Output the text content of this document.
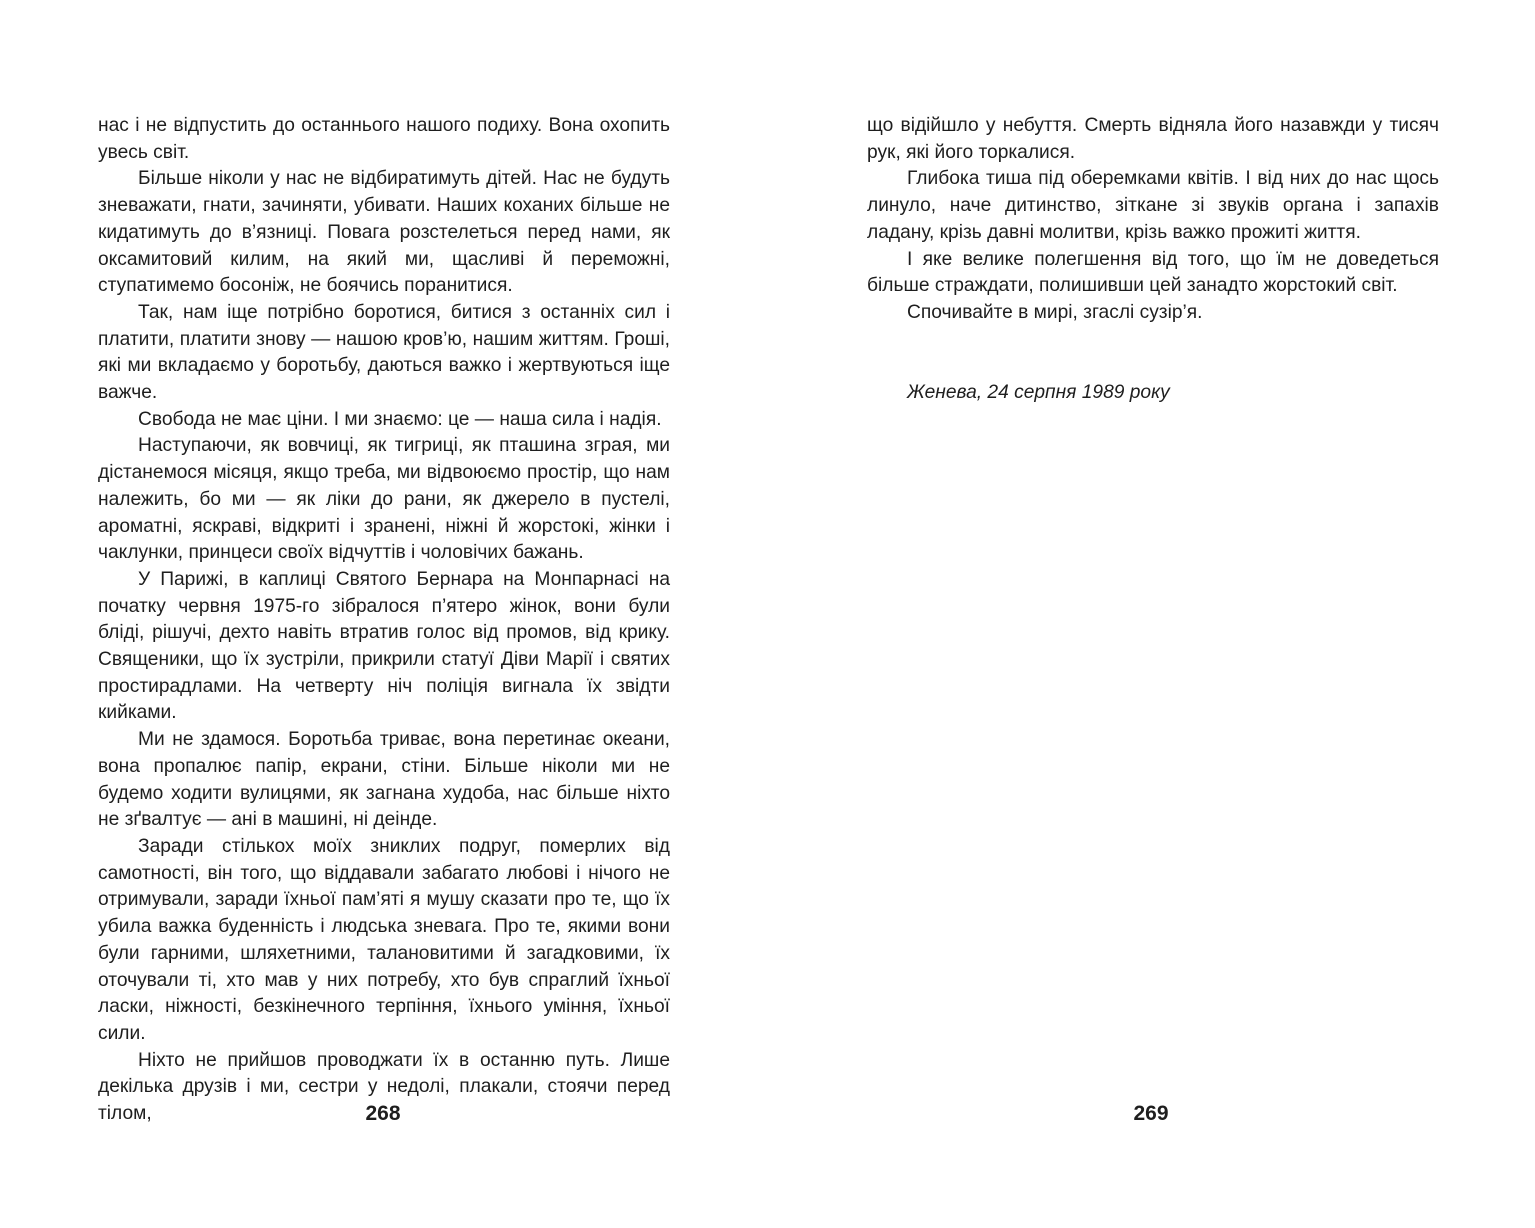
нас і не відпустить до останнього нашого подиху. Вона охопить увесь світ.

Більше ніколи у нас не відбиратимуть дітей. Нас не будуть зневажати, гнати, зачиняти, убивати. Наших коханих більше не кидатимуть до в’язниці. Повага розстелеться перед нами, як оксамитовий килим, на який ми, щасливі й переможні, ступатимемо босоніж, не боячись поранитися.

Так, нам іще потрібно боротися, битися з останніх сил і платити, платити знову — нашою кров’ю, нашим життям. Гроші, які ми вкладаємо у боротьбу, даються важко і жертвуються іще важче.

Свобода не має ціни. І ми знаємо: це — наша сила і надія.

Наступаючи, як вовчиці, як тигриці, як пташина зграя, ми дістанемося місяця, якщо треба, ми відвоюємо простір, що нам належить, бо ми — як ліки до рани, як джерело в пустелі, ароматні, яскраві, відкриті і зранені, ніжні й жорстокі, жінки і чаклунки, принцеси своїх відчуттів і чоловічих бажань.

У Парижі, в каплиці Святого Бернара на Монпарнасі на початку червня 1975-го зібралося п’ятеро жінок, вони були бліді, рішучі, дехто навіть втратив голос від промов, від крику. Священики, що їх зустріли, прикрили статуї Діви Марії і святих простирадлами. На четверту ніч поліція вигнала їх звідти кийками.

Ми не здамося. Боротьба триває, вона перетинає океани, вона пропалює папір, екрани, стіни. Більше ніколи ми не будемо ходити вулицями, як загнана худоба, нас більше ніхто не зґвалтує — ані в машині, ні деінде.

Заради стількох моїх зниклих подруг, померлих від самотності, він того, що віддавали забагато любові і нічого не отримували, заради їхньої пам’яті я мушу сказати про те, що їх убила важка буденність і людська зневага. Про те, якими вони були гарними, шляхетними, талановитими й загадковими, їх оточували ті, хто мав у них потребу, хто був спраглий їхньої ласки, ніжності, безкінечного терпіння, їхнього уміння, їхньої сили.

Ніхто не прийшов проводжати їх в останню путь. Лише декілька друзів і ми, сестри у недолі, плакали, стоячи перед тілом,	268

що відійшло у небуття. Смерть відняла його назавжди у тисяч рук, які його торкалися.

Глибока тиша під оберемками квітів. І від них до нас щось линуло, наче дитинство, зіткане зі звуків органа і запахів ладану, крізь давні молитви, крізь важко прожиті життя.

І яке велике полегшення від того, що їм не доведеться більше страждати, полишивши цей занадто жорстокий світ.

Спочивайте в мирі, згаслі сузір’я.

Женева, 24 серпня 1989 року

269
